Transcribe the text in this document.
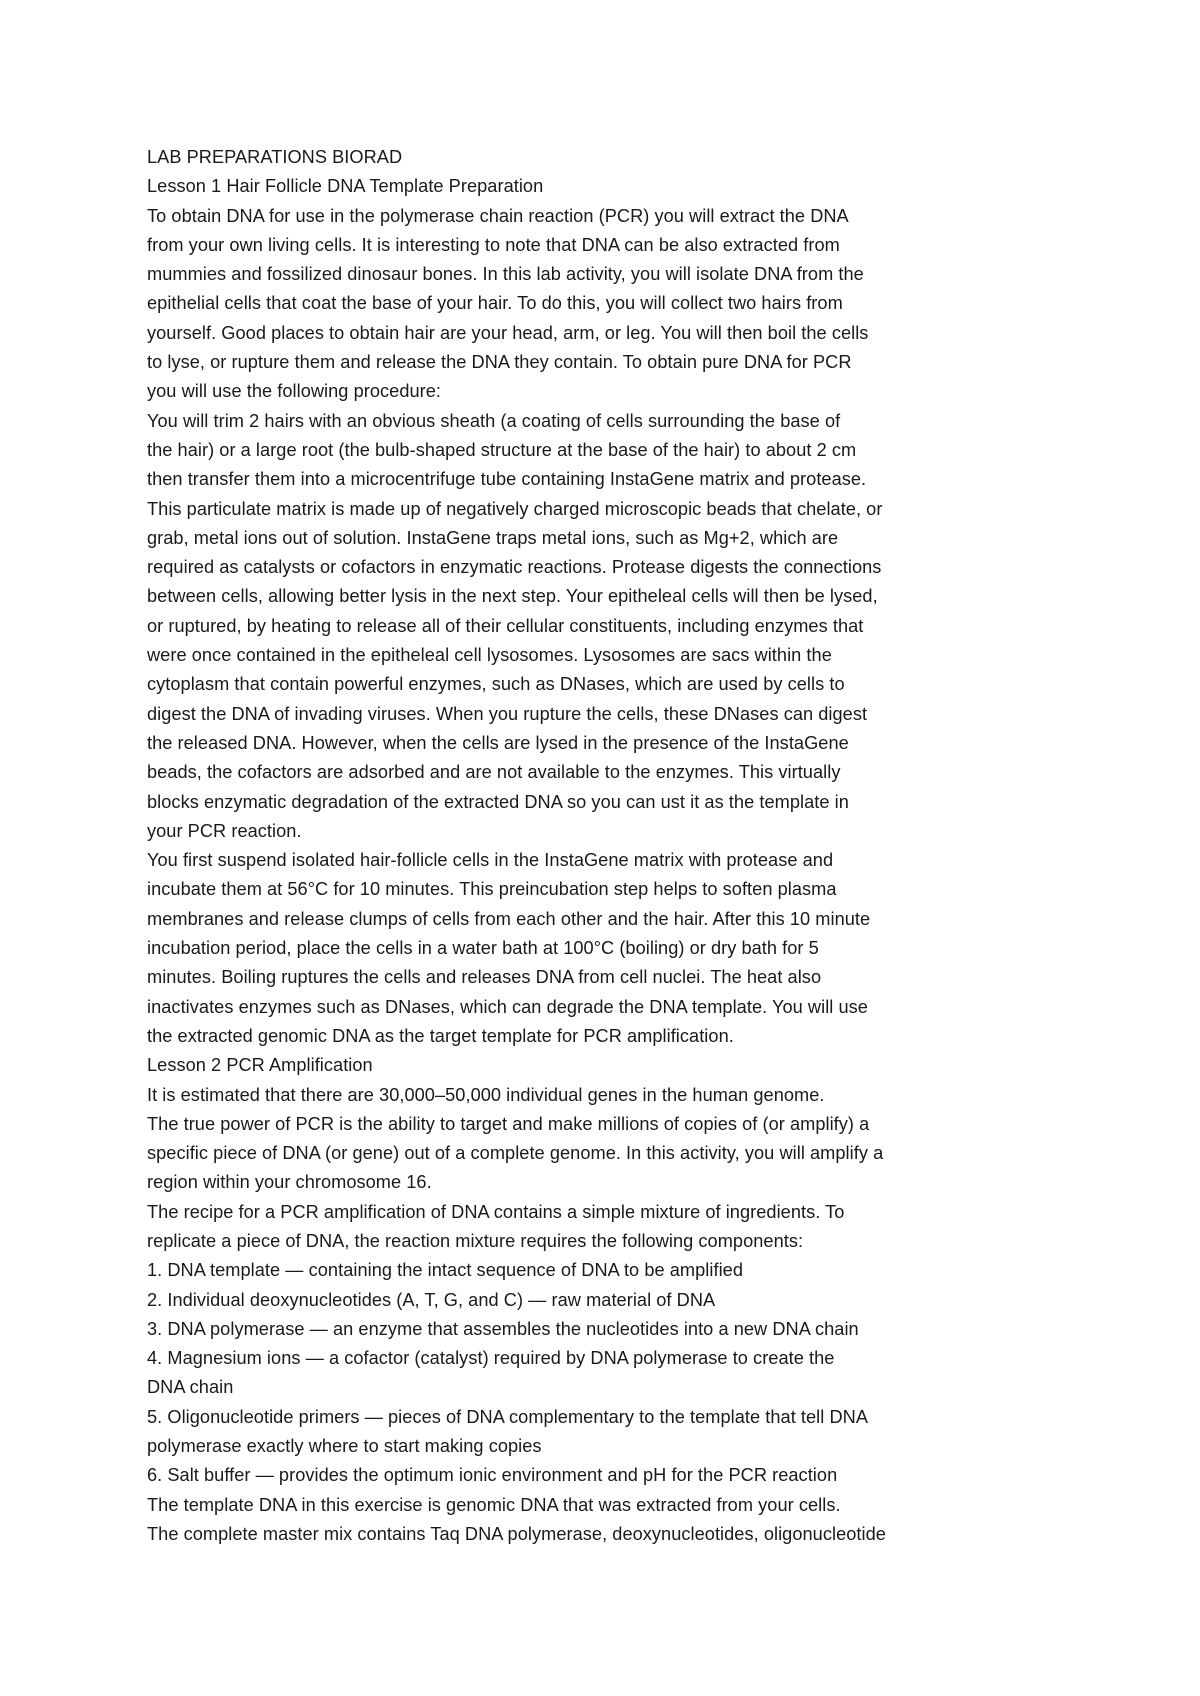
LAB PREPARATIONS BIORAD
Lesson 1 Hair Follicle DNA Template Preparation
To obtain DNA for use in the polymerase chain reaction (PCR) you will extract the DNA
from your own living cells. It is interesting to note that DNA can be also extracted from
mummies and fossilized dinosaur bones. In this lab activity, you will isolate DNA from the
epithelial cells that coat the base of your hair. To do this, you will collect two hairs from
yourself. Good places to obtain hair are your head, arm, or leg. You will then boil the cells
to lyse, or rupture them and release the DNA they contain. To obtain pure DNA for PCR
you will use the following procedure:
You will trim 2 hairs with an obvious sheath (a coating of cells surrounding the base of
the hair) or a large root (the bulb-shaped structure at the base of the hair) to about 2 cm
then transfer them into a microcentrifuge tube containing InstaGene matrix and protease.
This particulate matrix is made up of negatively charged microscopic beads that chelate, or
grab, metal ions out of solution. InstaGene traps metal ions, such as Mg+2, which are
required as catalysts or cofactors in enzymatic reactions. Protease digests the connections
between cells, allowing better lysis in the next step. Your epitheleal cells will then be lysed,
or ruptured, by heating to release all of their cellular constituents, including enzymes that
were once contained in the epitheleal cell lysosomes. Lysosomes are sacs within the
cytoplasm that contain powerful enzymes, such as DNases, which are used by cells to
digest the DNA of invading viruses. When you rupture the cells, these DNases can digest
the released DNA. However, when the cells are lysed in the presence of the InstaGene
beads, the cofactors are adsorbed and are not available to the enzymes. This virtually
blocks enzymatic degradation of the extracted DNA so you can ust it as the template in
your PCR reaction.
You first suspend isolated hair-follicle cells in the InstaGene matrix with protease and
incubate them at 56°C for 10 minutes. This preincubation step helps to soften plasma
membranes and release clumps of cells from each other and the hair. After this 10 minute
incubation period, place the cells in a water bath at 100°C (boiling) or dry bath for 5
minutes. Boiling ruptures the cells and releases DNA from cell nuclei. The heat also
inactivates enzymes such as DNases, which can degrade the DNA template. You will use
the extracted genomic DNA as the target template for PCR amplification.
Lesson 2 PCR Amplification
It is estimated that there are 30,000–50,000 individual genes in the human genome.
The true power of PCR is the ability to target and make millions of copies of (or amplify) a
specific piece of DNA (or gene) out of a complete genome. In this activity, you will amplify a
region within your chromosome 16.
The recipe for a PCR amplification of DNA contains a simple mixture of ingredients. To
replicate a piece of DNA, the reaction mixture requires the following components:
1. DNA template — containing the intact sequence of DNA to be amplified
2. Individual deoxynucleotides (A, T, G, and C) — raw material of DNA
3. DNA polymerase — an enzyme that assembles the nucleotides into a new DNA chain
4. Magnesium ions — a cofactor (catalyst) required by DNA polymerase to create the
DNA chain
5. Oligonucleotide primers — pieces of DNA complementary to the template that tell DNA
polymerase exactly where to start making copies
6. Salt buffer — provides the optimum ionic environment and pH for the PCR reaction
The template DNA in this exercise is genomic DNA that was extracted from your cells.
The complete master mix contains Taq DNA polymerase, deoxynucleotides, oligonucleotide
